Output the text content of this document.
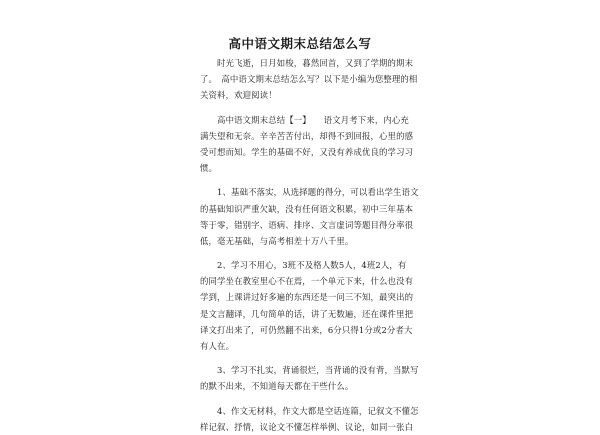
高中语文期末总结怎么写
　　时光飞逝，日月如梭，暮然回首，又到了学期的期末
了。　高中语文期末总结怎么写？以下是小编为您整理的相
关资料，欢迎阅读！
　　高中语文期末总结【一】　　语文月考下来，内心充
满失望和无奈。辛辛苦苦付出，却得不到回报，心里的感
受可想而知。学生的基础不好，又没有养成优良的学习习
惯。
　　1、基础不落实，从选择题的得分，可以看出学生语文
的基础知识严重欠缺，没有任何语文积累，初中三年基本
等于零，错别字、语病、排序、文言虚词等题目得分率很
低，毫无基础，与高考相差十万八千里。
　　2、学习不用心，3班不及格人数5人，4班2人，有
的同学坐在教室里心不在焉，一个单元下来，什么也没有
学到，上课讲过好多遍的东西还是一问三不知，最突出的
是文言翻译，几句简单的话，讲了无数遍，还在课件里把
译文打出来了，可仍然翻不出来，6分只得1分或2分者大
有人在。
　　3、学习不扎实，背诵很烂，当背诵的没有背，当默写
的默不出来，不知道每天都在干些什么。
　　4、作文无材料，作文大都是空话连篇，记叙文不懂怎
样记叙、抒情，议论文不懂怎样举例、议论，如同一张白
